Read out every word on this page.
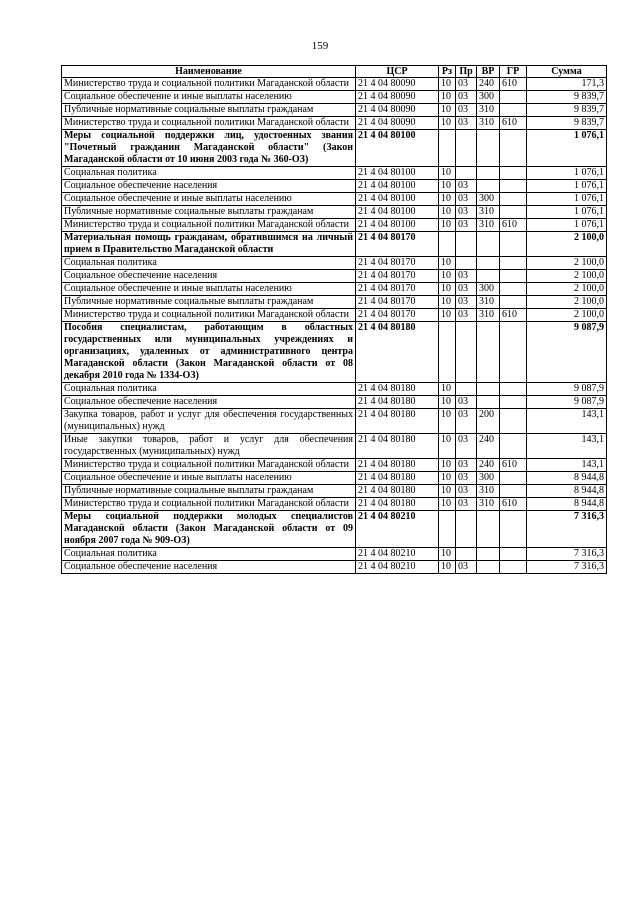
159
Наименование	ЦСР	Рз	Пр	ВР	ГР	Сумма
Министерство труда и социальной политики Магаданской области	21 4 04 80090	10	03	240	610	171,3
Социальное обеспечение и иные выплаты населению	21 4 04 80090	10	03	300		9 839,7
Публичные нормативные социальные выплаты гражданам	21 4 04 80090	10	03	310		9 839,7
Министерство труда и социальной политики Магаданской области	21 4 04 80090	10	03	310	610	9 839,7
Меры социальной поддержки лиц, удостоенных звания "Почетный гражданин Магаданской области" (Закон Магаданской области от 10 июня 2003 года № 360-ОЗ)	21 4 04 80100					1 076,1
Социальная политика	21 4 04 80100	10				1 076,1
Социальное обеспечение населения	21 4 04 80100	10	03			1 076,1
Социальное обеспечение и иные выплаты населению	21 4 04 80100	10	03	300		1 076,1
Публичные нормативные социальные выплаты гражданам	21 4 04 80100	10	03	310		1 076,1
Министерство труда и социальной политики Магаданской области	21 4 04 80100	10	03	310	610	1 076,1
Материальная помощь гражданам, обратившимся на личный прием в Правительство Магаданской области	21 4 04 80170					2 100,0
Социальная политика	21 4 04 80170	10				2 100,0
Социальное обеспечение населения	21 4 04 80170	10	03			2 100,0
Социальное обеспечение и иные выплаты населению	21 4 04 80170	10	03	300		2 100,0
Публичные нормативные социальные выплаты гражданам	21 4 04 80170	10	03	310		2 100,0
Министерство труда и социальной политики Магаданской области	21 4 04 80170	10	03	310	610	2 100,0
Пособия специалистам, работающим в областных государственных или муниципальных учреждениях и организациях, удаленных от административного центра Магаданской области (Закон Магаданской области от 08 декабря 2010 года № 1334-ОЗ)	21 4 04 80180					9 087,9
Социальная политика	21 4 04 80180	10				9 087,9
Социальное обеспечение населения	21 4 04 80180	10	03			9 087,9
Закупка товаров, работ и услуг для обеспечения государственных (муниципальных) нужд	21 4 04 80180	10	03	200		143,1
Иные закупки товаров, работ и услуг для обеспечения государственных (муниципальных) нужд	21 4 04 80180	10	03	240		143,1
Министерство труда и социальной политики Магаданской области	21 4 04 80180	10	03	240	610	143,1
Социальное обеспечение и иные выплаты населению	21 4 04 80180	10	03	300		8 944,8
Публичные нормативные социальные выплаты гражданам	21 4 04 80180	10	03	310		8 944,8
Министерство труда и социальной политики Магаданской области	21 4 04 80180	10	03	310	610	8 944,8
Меры социальной поддержки молодых специалистов Магаданской области (Закон Магаданской области от 09 ноября 2007 года № 909-ОЗ)	21 4 04 80210					7 316,3
Социальная политика	21 4 04 80210	10				7 316,3
Социальное обеспечение населения	21 4 04 80210	10	03			7 316,3
